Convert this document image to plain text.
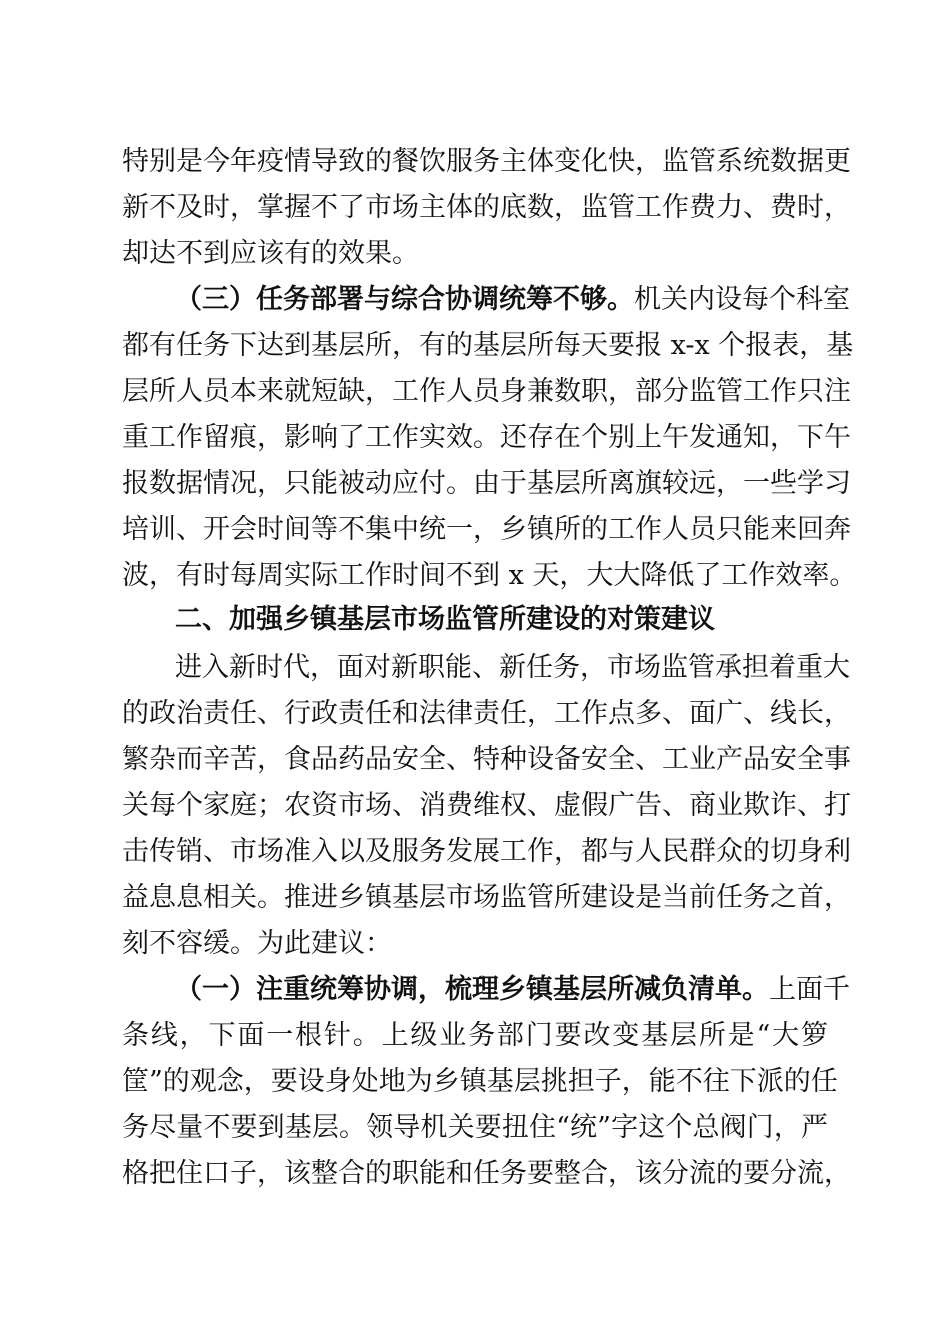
特别是今年疫情导致的餐饮服务主体变化快，监管系统数据更
新不及时，掌握不了市场主体的底数，监管工作费力、费时，
却达不到应该有的效果。
（三）任务部署与综合协调统筹不够。机关内设每个科室
都有任务下达到基层所，有的基层所每天要报 x-x 个报表，基
层所人员本来就短缺，工作人员身兼数职，部分监管工作只注
重工作留痕，影响了工作实效。还存在个别上午发通知，下午
报数据情况，只能被动应付。由于基层所离旗较远，一些学习
培训、开会时间等不集中统一，乡镇所的工作人员只能来回奔
波，有时每周实际工作时间不到 x 天，大大降低了工作效率。
二、加强乡镇基层市场监管所建设的对策建议
进入新时代，面对新职能、新任务，市场监管承担着重大
的政治责任、行政责任和法律责任，工作点多、面广、线长，
繁杂而辛苦，食品药品安全、特种设备安全、工业产品安全事
关每个家庭；农资市场、消费维权、虚假广告、商业欺诈、打
击传销、市场准入以及服务发展工作，都与人民群众的切身利
益息息相关。推进乡镇基层市场监管所建设是当前任务之首，
刻不容缓。为此建议：
（一）注重统筹协调，梳理乡镇基层所减负清单。上面千
条线，下面一根针。上级业务部门要改变基层所是“大箩
筐”的观念，要设身处地为乡镇基层挑担子，能不往下派的任
务尽量不要到基层。领导机关要扭住“统”字这个总阀门，严
格把住口子，该整合的职能和任务要整合，该分流的要分流，
